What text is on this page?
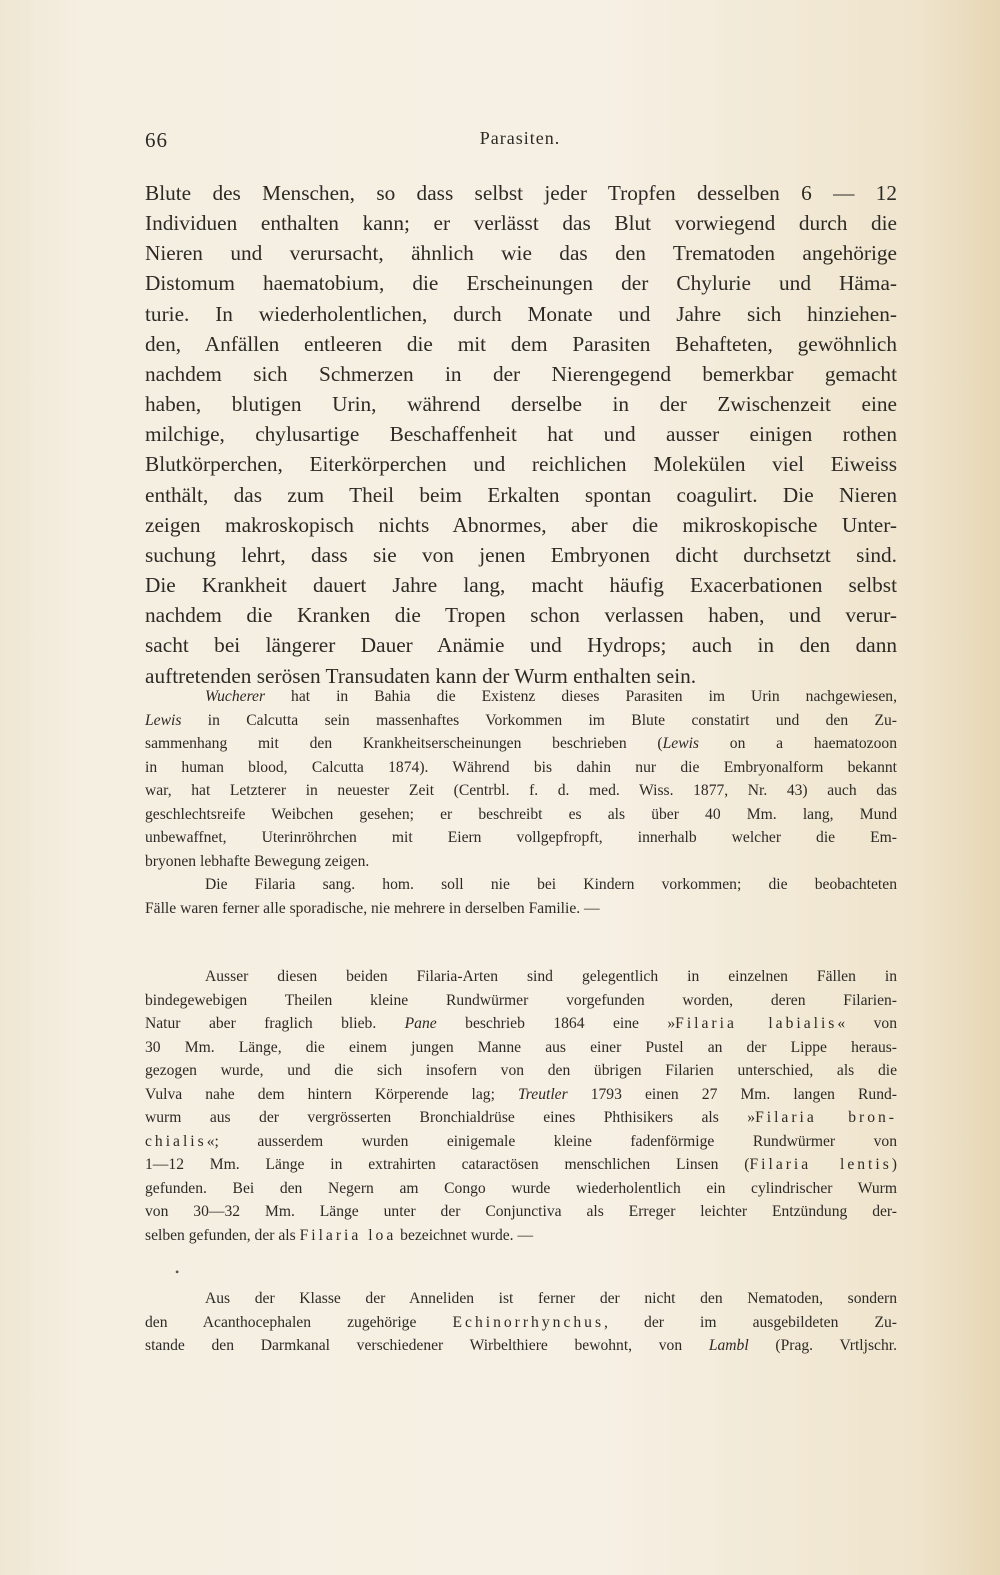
66	Parasiten.
Blute des Menschen, so dass selbst jeder Tropfen desselben 6 — 12
Individuen enthalten kann; er verlässt das Blut vorwiegend durch die
Nieren und verursacht, ähnlich wie das den Trematoden angehörige
Distomum haematobium, die Erscheinungen der Chylurie und Häma-
turie. In wiederholentlichen, durch Monate und Jahre sich hinziehen-
den, Anfällen entleeren die mit dem Parasiten Behafteten, gewöhnlich
nachdem sich Schmerzen in der Nierengegend bemerkbar gemacht
haben, blutigen Urin, während derselbe in der Zwischenzeit eine
milchige, chylusartige Beschaffenheit hat und ausser einigen rothen
Blutkörperchen, Eiterkörperchen und reichlichen Molekülen viel Eiweiss
enthält, das zum Theil beim Erkalten spontan coagulirt. Die Nieren
zeigen makroskopisch nichts Abnormes, aber die mikroskopische Unter-
suchung lehrt, dass sie von jenen Embryonen dicht durchsetzt sind.
Die Krankheit dauert Jahre lang, macht häufig Exacerbationen selbst
nachdem die Kranken die Tropen schon verlassen haben, und verur-
sacht bei längerer Dauer Anämie und Hydrops; auch in den dann
auftretenden serösen Transudaten kann der Wurm enthalten sein.
Wucherer hat in Bahia die Existenz dieses Parasiten im Urin nachgewiesen,
Lewis in Calcutta sein massenhaftes Vorkommen im Blute constatirt und den Zu-
sammenhang mit den Krankheitserscheinungen beschrieben (Lewis on a haematozoon
in human blood, Calcutta 1874). Während bis dahin nur die Embryonalform bekannt
war, hat Letzterer in neuester Zeit (Centrbl. f. d. med. Wiss. 1877, Nr. 43) auch das
geschlechtsreife Weibchen gesehen; er beschreibt es als über 40 Mm. lang, Mund
unbewaffnet, Uterinröhrchen mit Eiern vollgepfropft, innerhalb welcher die Em-
bryonen lebhafte Bewegung zeigen.
Die Filaria sang. hom. soll nie bei Kindern vorkommen; die beobachteten
Fälle waren ferner alle sporadische, nie mehrere in derselben Familie. —
Ausser diesen beiden Filaria-Arten sind gelegentlich in einzelnen Fällen in
bindegewebigen Theilen kleine Rundwürmer vorgefunden worden, deren Filarien-
Natur aber fraglich blieb. Pane beschrieb 1864 eine »Filaria labialis« von
30 Mm. Länge, die einem jungen Manne aus einer Pustel an der Lippe heraus-
gezogen wurde, und die sich insofern von den übrigen Filarien unterschied, als die
Vulva nahe dem hintern Körperende lag; Treutler 1793 einen 27 Mm. langen Rund-
wurm aus der vergrösserten Bronchialdrüse eines Phthisikers als »Filaria bron-
chialis«; ausserdem wurden einigemale kleine fadenförmige Rundwürmer von
1—12 Mm. Länge in extrahirten cataractösen menschlichen Linsen (Filaria lentis)
gefunden. Bei den Negern am Congo wurde wiederholentlich ein cylindrischer Wurm
von 30—32 Mm. Länge unter der Conjunctiva als Erreger leichter Entzündung der-
selben gefunden, der als Filaria loa bezeichnet wurde. —
•
Aus der Klasse der Anneliden ist ferner der nicht den Nematoden, sondern
den Acanthocephalen zugehörige Echinorrhynchus, der im ausgebildeten Zu-
stande den Darmkanal verschiedener Wirbelthiere bewohnt, von Lambl (Prag. Vrtljschr.
